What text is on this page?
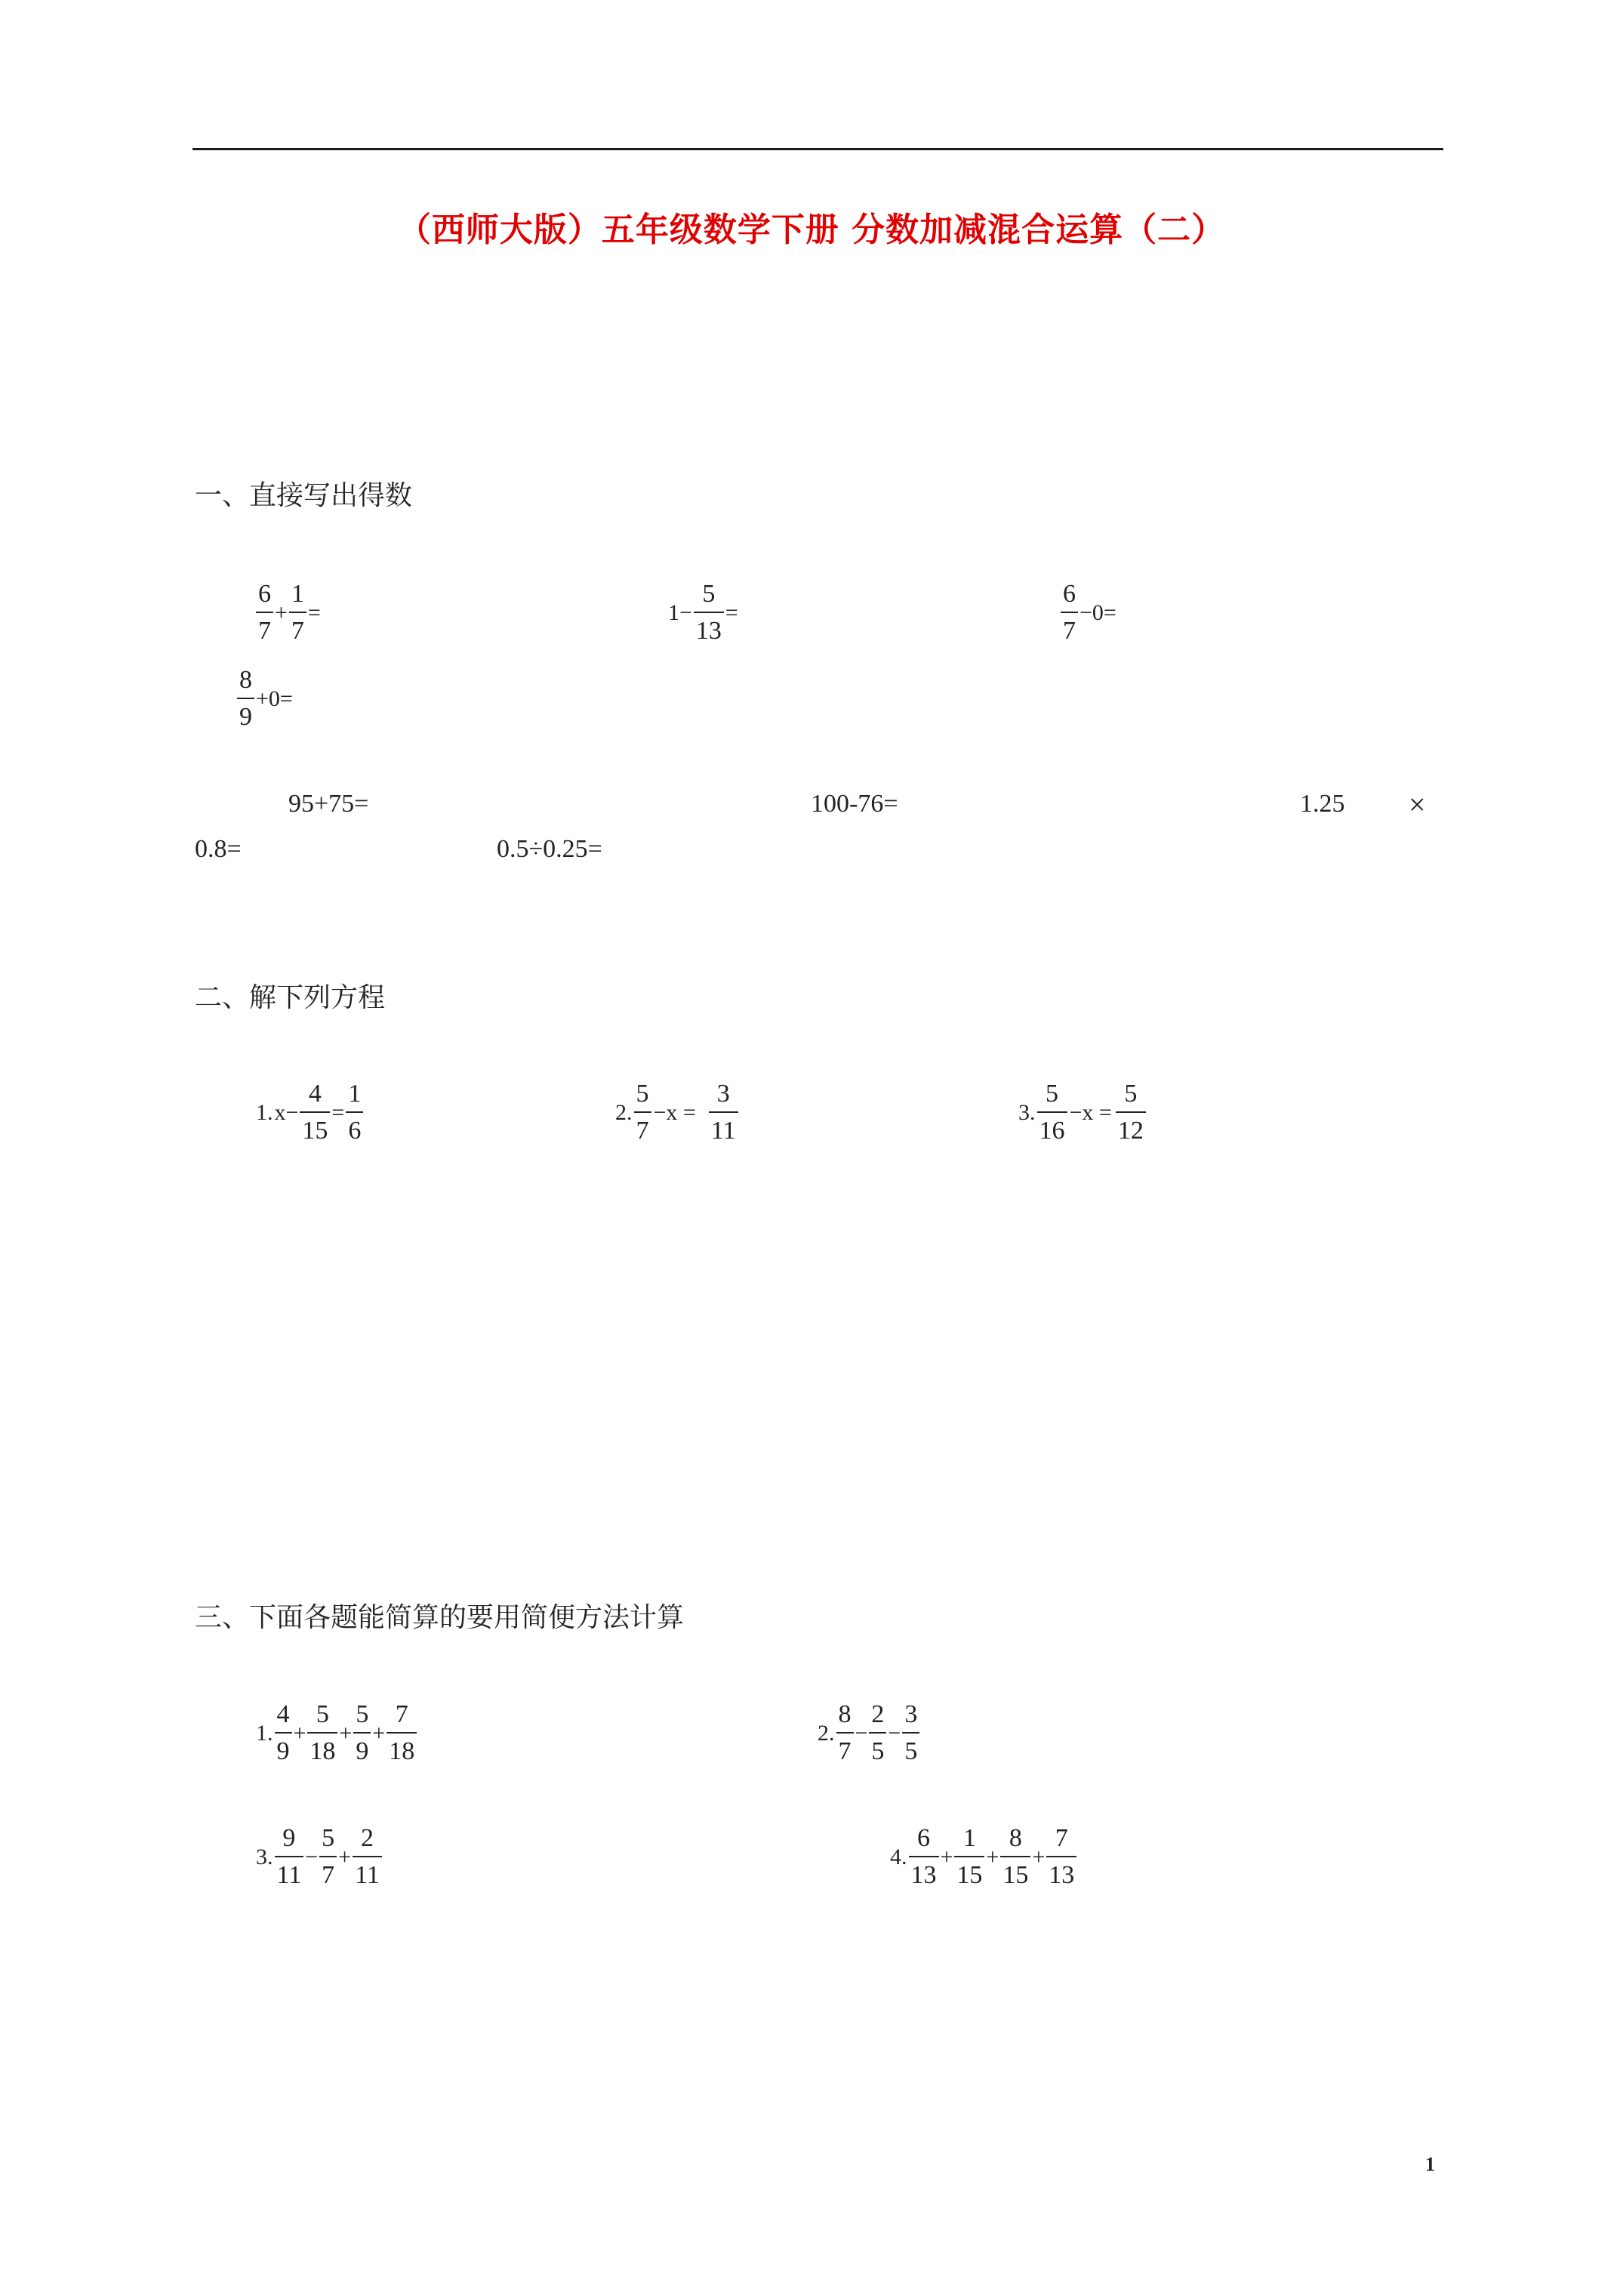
（西师大版）五年级数学下册 分数加减混合运算（二）
一、直接写出得数
$\frac{6}{7} + \frac{1}{7}$ =	$1- \frac{5}{13}$ =	$\frac{6}{7} -0=$
$\frac{8}{9} +0=$
95+75=	100-76=	1.25 ×
0.8=	0.5÷0.25=
二、解下列方程
1. $x- \frac{4}{15} = \frac{1}{6}$	2. $\frac{5}{7} -x = \frac{3}{11}$	3. $\frac{5}{16} -x = \frac{5}{12}$
三、下面各题能简算的要用简便方法计算
1. $\frac{4}{9} + \frac{5}{18} + \frac{5}{9} + \frac{7}{18}$	2. $\frac{8}{7} - \frac{2}{5} - \frac{3}{5}$
3. $\frac{9}{11} - \frac{5}{7} + \frac{2}{11}$	4. $\frac{6}{13} + \frac{1}{15} + \frac{8}{15} + \frac{7}{13}$
1
